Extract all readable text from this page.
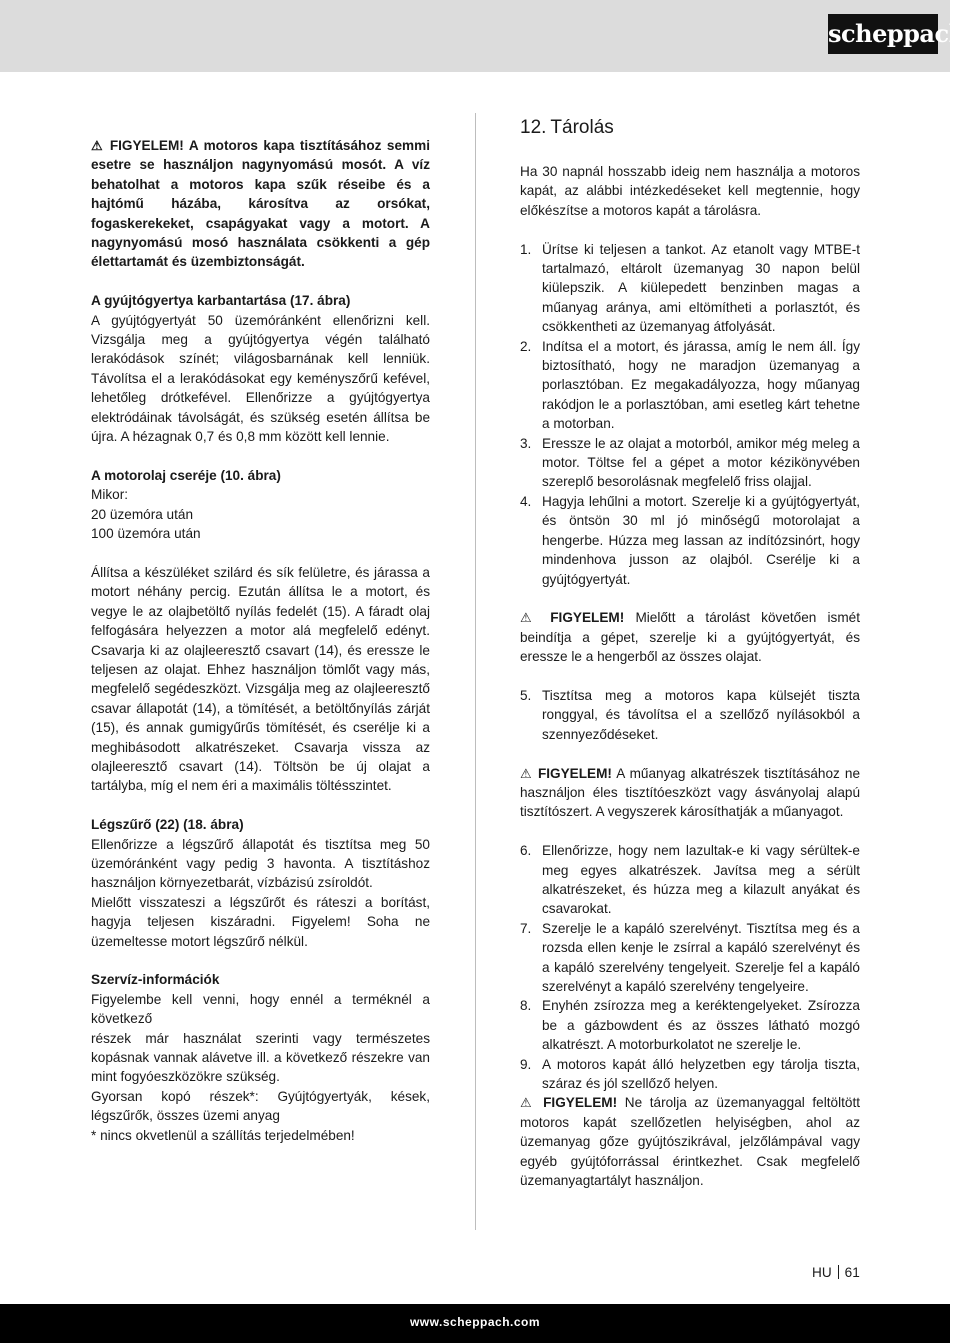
scheppach

⚠ FIGYELEM! A motoros kapa tisztításához semmi esetre se használjon nagynyomású mosót. A víz behatolhat a motoros kapa szűk réseibe és a hajtómű házába, károsítva az orsókat, fogaskerekeket, csapágyakat vagy a motort. A nagynyomású mosó használata csökkenti a gép élettartamát és üzembiztonságát.

A gyújtógyertya karbantartása (17. ábra)

A gyújtógyertyát 50 üzemóránként ellenőrizni kell. Vizsgálja meg a gyújtógyertya végén található lerakódások színét; világosbarnának kell lenniük. Távolítsa el a lerakódásokat egy keményszőrű kefével, lehetőleg drótkefével. Ellenőrizze a gyújtógyertya elektródáinak távolságát, és szükség esetén állítsa be újra. A hézagnak 0,7 és 0,8 mm között kell lennie.

A motorolaj cseréje (10. ábra)

Mikor:

20 üzemóra után

100 üzemóra után

Állítsa a készüléket szilárd és sík felületre, és járassa a motort néhány percig. Ezután állítsa le a motort, és vegye le az olajbetöltő nyílás fedelét (15). A fáradt olaj felfogására helyezzen a motor alá megfelelő edényt. Csavarja ki az olajleeresztő csavart (14), és eressze le teljesen az olajat. Ehhez használjon tömlőt vagy más, megfelelő segédeszközt. Vizsgálja meg az olajleeresztő csavar állapotát (14), a tömítését, a betöltőnyílás zárját (15), és annak gumigyűrűs tömítését, és cserélje ki a meghibásodott alkatrészeket. Csavarja vissza az olajleeresztő csavart (14). Töltsön be új olajat a tartályba, míg el nem éri a maximális töltésszintet.

Légszűrő (22) (18. ábra)

Ellenőrizze a légszűrő állapotát és tisztítsa meg 50 üzemóránként vagy pedig 3 havonta. A tisztításhoz használjon környezetbarát, vízbázisú zsíroldót.

Mielőtt visszateszi a légszűrőt és ráteszi a borítást, hagyja teljesen kiszáradni. Figyelem! Soha ne üzemeltesse motort légszűrő nélkül.

Szervíz-információk

Figyelembe kell venni, hogy ennél a terméknél a következő

részek már használat szerinti vagy természetes kopásnak vannak alávetve ill. a következő részekre van mint fogyóeszközökre szükség.

Gyorsan kopó részek*: Gyújtógyertyák, kések, légszűrők, összes üzemi anyag

* nincs okvetlenül a szállítás terjedelmében!

12. Tárolás

Ha 30 napnál hosszabb ideig nem használja a motoros kapát, az alábbi intézkedéseket kell megtennie, hogy előkészítse a motoros kapát a tárolásra.

1. Ürítse ki teljesen a tankot. Az etanolt vagy MTBE-t tartalmazó, eltárolt üzemanyag 30 napon belül kiülepszik. A kiülepedett benzinben magas a műanyag aránya, ami eltömítheti a porlasztót, és csökkentheti az üzemanyag átfolyását.
2. Indítsa el a motort, és járassa, amíg le nem áll. Így biztosítható, hogy ne maradjon üzemanyag a porlasztóban. Ez megakadályozza, hogy műanyag rakódjon le a porlasztóban, ami esetleg kárt tehetne a motorban.
3. Eressze le az olajat a motorból, amikor még meleg a motor. Töltse fel a gépet a motor kézikönyvében szereplő besorolásnak megfelelő friss olajjal.
4. Hagyja lehűlni a motort. Szerelje ki a gyújtógyertyát, és öntsön 30 ml jó minőségű motorolajat a hengerbe. Húzza meg lassan az indítózsinórt, hogy mindenhova jusson az olajból. Cserélje ki a gyújtógyertyát.

⚠ FIGYELEM! Mielőtt a tárolást követően ismét beindítja a gépet, szerelje ki a gyújtógyertyát, és eressze le a hengerből az összes olajat.

5. Tisztítsa meg a motoros kapa külsejét tiszta ronggyal, és távolítsa el a szellőző nyílásokból a szennyeződéseket.

⚠ FIGYELEM! A műanyag alkatrészek tisztításához ne használjon éles tisztítóeszközt vagy ásványolaj alapú tisztítószert. A vegyszerek károsíthatják a műanyagot.

6. Ellenőrizze, hogy nem lazultak-e ki vagy sérültek-e meg egyes alkatrészek. Javítsa meg a sérült alkatrészeket, és húzza meg a kilazult anyákat és csavarokat.
7. Szerelje le a kapáló szerelvényt. Tisztítsa meg és a rozsda ellen kenje le zsírral a kapáló szerelvényt és a kapáló szerelvény tengelyeit. Szerelje fel a kapáló szerelvényt a kapáló szerelvény tengelyeire.
8. Enyhén zsírozza meg a keréktengelyeket. Zsírozza be a gázbowdent és az összes látható mozgó alkatrészt. A motorburkolatot ne szerelje le.
9. A motoros kapát álló helyzetben egy tárolja tiszta, száraz és jól szellőző helyen.

⚠ FIGYELEM! Ne tárolja az üzemanyaggal feltöltött motoros kapát szellőzetlen helyiségben, ahol az üzemanyag gőze gyújtószikrával, jelzőlámpával vagy egyéb gyújtóforrással érintkezhet. Csak megfelelő üzemanyagtartályt használjon.

HU 61
www.scheppach.com
